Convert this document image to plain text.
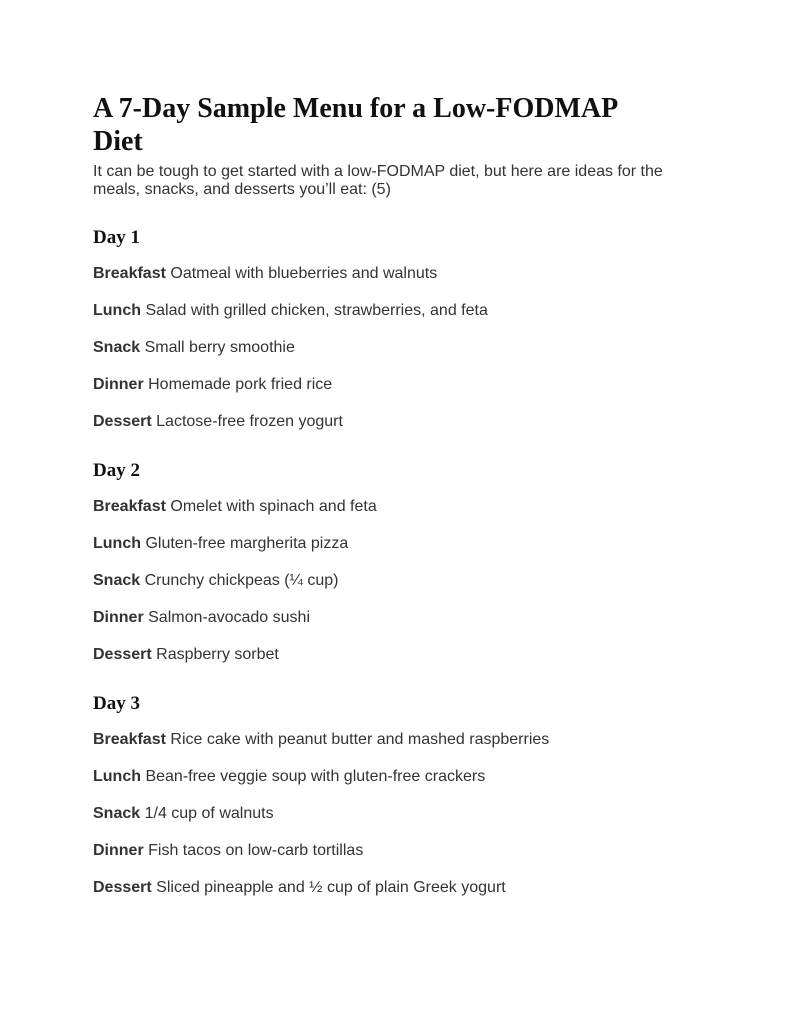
A 7-Day Sample Menu for a Low-FODMAP Diet

It can be tough to get started with a low-FODMAP diet, but here are ideas for the meals, snacks, and desserts you’ll eat: (5)

Day 1
Breakfast Oatmeal with blueberries and walnuts
Lunch Salad with grilled chicken, strawberries, and feta
Snack Small berry smoothie
Dinner Homemade pork fried rice
Dessert Lactose-free frozen yogurt
Day 2
Breakfast Omelet with spinach and feta
Lunch Gluten-free margherita pizza
Snack Crunchy chickpeas (¼ cup)
Dinner Salmon-avocado sushi
Dessert Raspberry sorbet
Day 3
Breakfast Rice cake with peanut butter and mashed raspberries
Lunch Bean-free veggie soup with gluten-free crackers
Snack 1/4 cup of walnuts
Dinner Fish tacos on low-carb tortillas
Dessert Sliced pineapple and ½ cup of plain Greek yogurt
